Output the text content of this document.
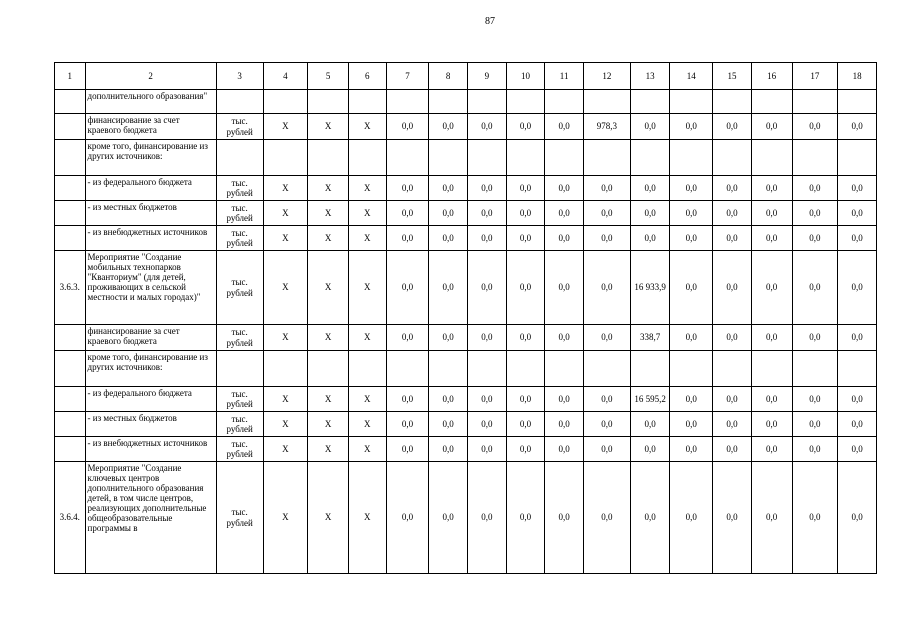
87
1	2	3	4	5	6	7	8	9	10	11	12	13	14	15	16	17	18
	дополнительного образования"																
	финансирование за счет краевого бюджета	тыс. рублей	X	X	X	0,0	0,0	0,0	0,0	0,0	978,3	0,0	0,0	0,0	0,0	0,0	0,0
	кроме того, финансирование из других источников:																
	- из федерального бюджета	тыс. рублей	X	X	X	0,0	0,0	0,0	0,0	0,0	0,0	0,0	0,0	0,0	0,0	0,0	0,0
	- из местных бюджетов	тыс. рублей	X	X	X	0,0	0,0	0,0	0,0	0,0	0,0	0,0	0,0	0,0	0,0	0,0	0,0
	- из внебюджетных источников	тыс. рублей	X	X	X	0,0	0,0	0,0	0,0	0,0	0,0	0,0	0,0	0,0	0,0	0,0	0,0
3.6.3.	Мероприятие "Создание мобильных технопарков "Кванториум" (для детей, проживающих в сельской местности и малых городах)"	тыс. рублей	X	X	X	0,0	0,0	0,0	0,0	0,0	0,0	16 933,9	0,0	0,0	0,0	0,0	0,0
	финансирование за счет краевого бюджета	тыс. рублей	X	X	X	0,0	0,0	0,0	0,0	0,0	0,0	338,7	0,0	0,0	0,0	0,0	0,0
	кроме того, финансирование из других источников:																
	- из федерального бюджета	тыс. рублей	X	X	X	0,0	0,0	0,0	0,0	0,0	0,0	16 595,2	0,0	0,0	0,0	0,0	0,0
	- из местных бюджетов	тыс. рублей	X	X	X	0,0	0,0	0,0	0,0	0,0	0,0	0,0	0,0	0,0	0,0	0,0	0,0
	- из внебюджетных источников	тыс. рублей	X	X	X	0,0	0,0	0,0	0,0	0,0	0,0	0,0	0,0	0,0	0,0	0,0	0,0
3.6.4.	Мероприятие "Создание ключевых центров дополнительного образования детей, в том числе центров, реализующих дополнительные общеобразовательные программы в	тыс. рублей	X	X	X	0,0	0,0	0,0	0,0	0,0	0,0	0,0	0,0	0,0	0,0	0,0	0,0
